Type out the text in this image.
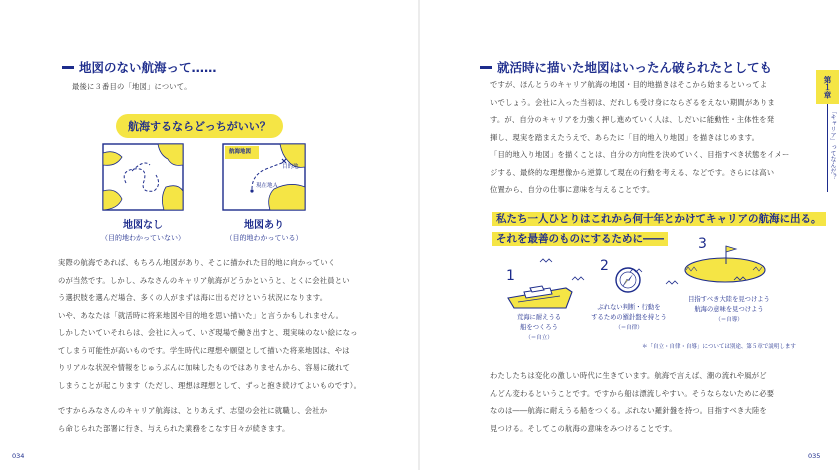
地図のない航海って……

最後に３番目の「地図」について。

航海するならどっちがいい？
航海地図
目的地
現在地Ａ
地図なし
（目的地わかっていない）
地図あり
（目的地わかっている）

実際の航海であれば、もちろん地図があり、そこに描かれた目的地に向かっていく

のが当然です。しかし、みなさんのキャリア航海がどうかというと、とくに会社員とい

う選択肢を選んだ場合、多くの人がまずは海に出るだけという状況になります。

いや、あなたは「就活時に将来地図や目的地を思い描いた」と言うかもしれません。

しかしたいていそれらは、会社に入って、いざ現場で働き出すと、現実味のない絵になっ

てしまう可能性が高いものです。学生時代に理想や願望として描いた将来地図は、やは

りリアルな状況や情報をじゅうぶんに加味したものではありませんから、容易に破れて

しまうことが起こります（ただし、理想は理想として、ずっと抱き続けてよいものです）。

ですからみなさんのキャリア航海は、とりあえず、志望の会社に就職し、会社か

ら命じられた部署に行き、与えられた業務をこなす日々が続きます。

034
就活時に描いた地図はいったん破られたとしても

ですが、ほんとうのキャリア航海の地図・目的地描きはそこから始まるといってよ

いでしょう。会社に入った当初は、だれしも受け身にならざるをえない期間がありま

す。が、自分のキャリアを力強く押し進めていく人は、しだいに能動性・主体性を発

揮し、現実を踏まえたうえで、あらたに「目的地入り地図」を描きはじめます。

「目的地入り地図」を描くことは、自分の方向性を決めていく、目指すべき状態をイメー

ジする、最終的な理想像から逆算して現在の行動を考える、などです。さらには高い

位置から、自分の仕事に意味を与えることです。

私たち一人ひとりはこれから何十年とかけてキャリアの航海に出る。
それを最善のものにするために――
1
荒海に耐えうる
船をつくろう
（＝自立）
2
ぶれない判断・行動を
するための羅針盤を持とう
（＝自律）
3
目指すべき大陸を見つけよう
航海の意味を見つけよう
（＝自導）
＊「自立・自律・自導」については別途、第５章で説明します

わたしたちは変化の激しい時代に生きています。航海で言えば、潮の流れや風がど

んどん変わるということです。ですから船は漂流しやすい。そうならないために必要

なのは――航海に耐えうる船をつくる。ぶれない羅針盤を持つ。目指すべき大陸を

見つける。そしてこの航海の意味をみつけることです。

035
第１章
「キャリア」ってなんだ？
